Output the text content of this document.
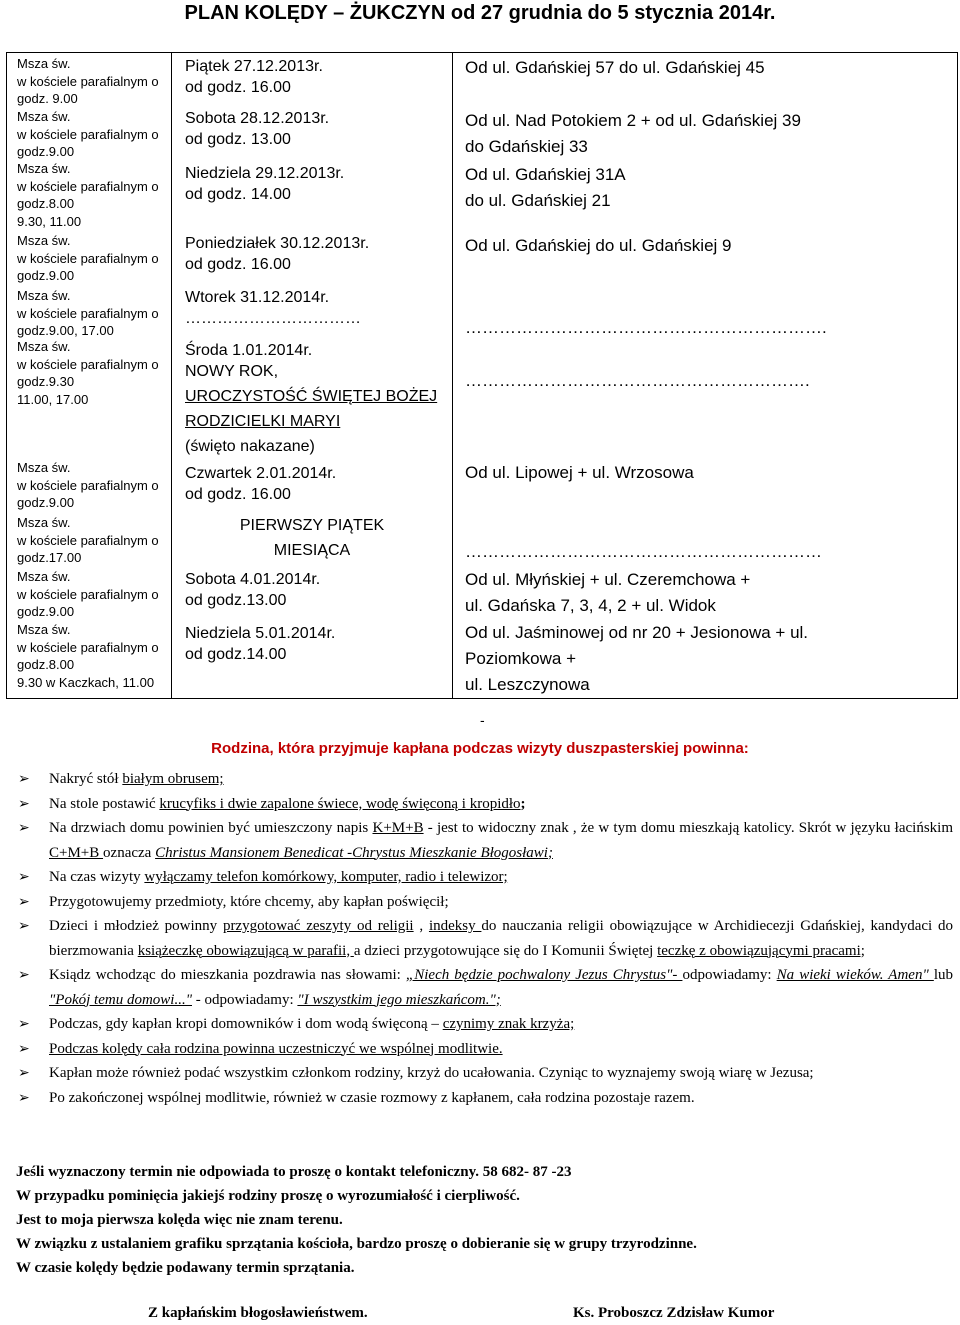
PLAN KOLĘDY – ŻUKCZYN od 27 grudnia do 5 stycznia 2014r.
Msza św.
w kościele parafialnym o
godz. 9.00
Msza św.
w kościele parafialnym o
godz.9.00
Msza św.
w kościele parafialnym o
godz.8.00
9.30, 11.00
Msza św.
w kościele parafialnym o
godz.9.00
Msza św.
w kościele parafialnym o
godz.9.00, 17.00
Msza św.
w kościele parafialnym o
godz.9.30
11.00, 17.00
Msza św.
w kościele parafialnym o
godz.9.00
Msza św.
w kościele parafialnym o
godz.17.00
Msza św.
w kościele parafialnym o
godz.9.00
Msza św.
w kościele parafialnym o
godz.8.00
9.30 w Kaczkach, 11.00
Piątek 27.12.2013r.
od godz. 16.00
Sobota 28.12.2013r.
od godz. 13.00
Niedziela 29.12.2013r.
od godz. 14.00
Poniedziałek 30.12.2013r.
od godz. 16.00
Wtorek 31.12.2014r.
……………………………
Środa 1.01.2014r.
NOWY ROK,
UROCZYSTOŚĆ ŚWIĘTEJ BOŻEJ
RODZICIELKI MARYI
(święto nakazane)
Czwartek 2.01.2014r.
od godz. 16.00
PIERWSZY PIĄTEK
MIESIĄCA
Sobota 4.01.2014r.
od godz.13.00
Niedziela 5.01.2014r.
od godz.14.00
Od ul. Gdańskiej 57 do ul. Gdańskiej 45
Od ul. Nad Potokiem 2 + od ul. Gdańskiej 39
do Gdańskiej 33
Od ul. Gdańskiej 31A
do ul. Gdańskiej 21
Od ul. Gdańskiej do ul. Gdańskiej 9
……………………………………………………….
…………………………………………………….
Od ul. Lipowej + ul. Wrzosowa
………………………………………………………
Od ul. Młyńskiej + ul. Czeremchowa +
ul. Gdańska 7, 3, 4, 2 + ul. Widok
Od ul. Jaśminowej od nr 20 + Jesionowa + ul.
Poziomkowa +
ul. Leszczynowa
-
Rodzina, która przyjmuje kapłana podczas wizyty duszpasterskiej powinna:
➢ Nakryć stół białym obrusem;
➢ Na stole postawić krucyfiks i dwie zapalone świece, wodę święconą i kropidło;
➢ Na drzwiach domu powinien być umieszczony napis K+M+B - jest to widoczny znak , że w tym domu mieszkają katolicy. Skrót w języku łacińskim C+M+B oznacza Christus Mansionem Benedicat -Chrystus Mieszkanie Błogosławi;
➢ Na czas wizyty wyłączamy telefon komórkowy, komputer, radio i telewizor;
➢ Przygotowujemy przedmioty, które chcemy, aby kapłan poświęcił;
➢ Dzieci i młodzież powinny przygotować zeszyty od religii , indeksy do nauczania religii obowiązujące w Archidiecezji Gdańskiej, kandydaci do bierzmowania książeczkę obowiązującą w parafii, a dzieci przygotowujące się do I Komunii Świętej teczkę z obowiązującymi pracami;
➢ Ksiądz wchodząc do mieszkania pozdrawia nas słowami: „Niech będzie pochwalony Jezus Chrystus"- odpowiadamy: Na wieki wieków. Amen" lub "Pokój temu domowi..." - odpowiadamy: "I wszystkim jego mieszkańcom.";
➢ Podczas, gdy kapłan kropi domowników i dom wodą święconą – czynimy znak krzyża;
➢ Podczas kolędy cała rodzina powinna uczestniczyć we wspólnej modlitwie.
➢ Kapłan może również podać wszystkim członkom rodziny, krzyż do ucałowania. Czyniąc to wyznajemy swoją wiarę w Jezusa;
➢ Po zakończonej wspólnej modlitwie, również w czasie rozmowy z kapłanem, cała rodzina pozostaje razem.
Jeśli wyznaczony termin nie odpowiada to proszę o kontakt telefoniczny. 58 682- 87 -23
W przypadku pominięcia jakiejś rodziny proszę o wyrozumiałość i cierpliwość.
Jest to moja pierwsza kolęda więc nie znam terenu.
W związku z ustalaniem grafiku sprzątania kościoła, bardzo proszę o dobieranie się w grupy trzyrodzinne.
W czasie kolędy będzie podawany termin sprzątania.
Z kapłańskim błogosławieństwem.	Ks. Proboszcz Zdzisław Kumor
